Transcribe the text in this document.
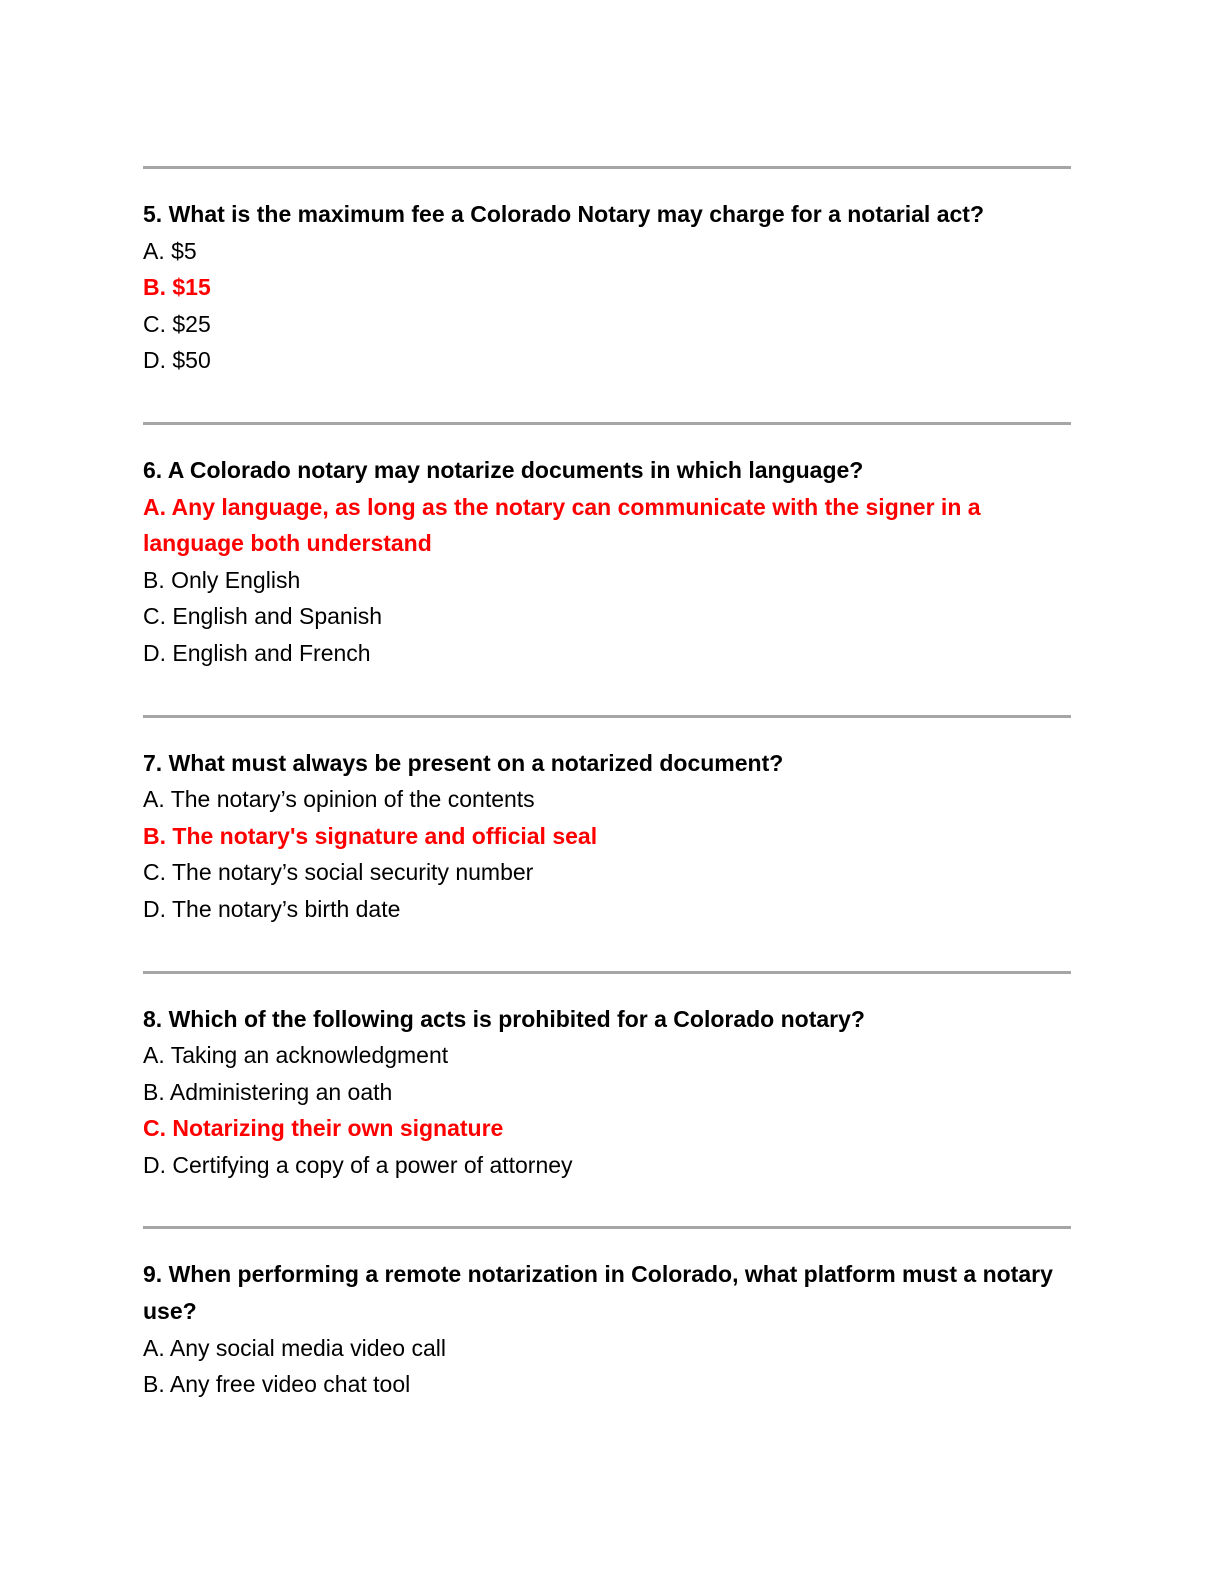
5. What is the maximum fee a Colorado Notary may charge for a notarial act?

A. $5

B. $15

C. $25

D. $50

6. A Colorado notary may notarize documents in which language?

A. Any language, as long as the notary can communicate with the signer in a language both understand

B. Only English

C. English and Spanish

D. English and French

7. What must always be present on a notarized document?

A. The notary’s opinion of the contents

B. The notary's signature and official seal

C. The notary’s social security number

D. The notary’s birth date

8. Which of the following acts is prohibited for a Colorado notary?

A. Taking an acknowledgment

B. Administering an oath

C. Notarizing their own signature

D. Certifying a copy of a power of attorney

9. When performing a remote notarization in Colorado, what platform must a notary use?

A. Any social media video call

B. Any free video chat tool
